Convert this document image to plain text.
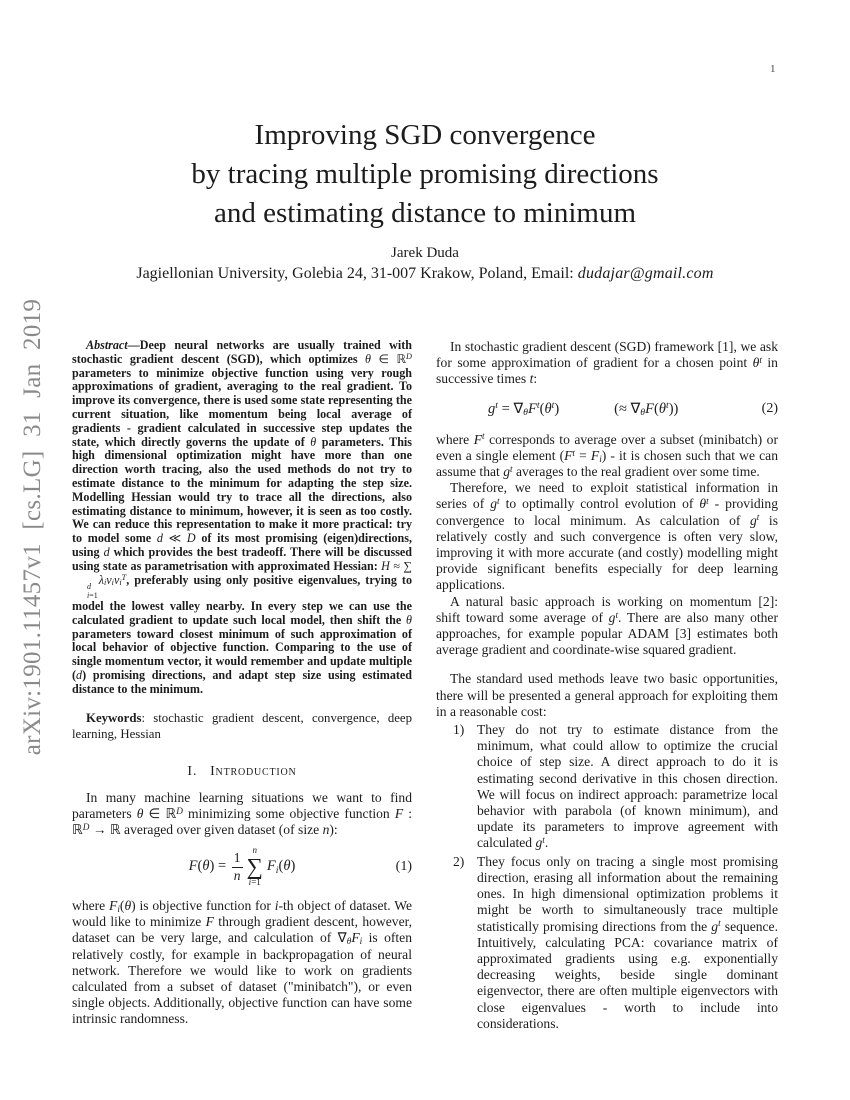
1
arXiv:1901.11457v1 [cs.LG] 31 Jan 2019
Improving SGD convergence
by tracing multiple promising directions
and estimating distance to minimum
Jarek Duda
Jagiellonian University, Golebia 24, 31-007 Krakow, Poland, Email: dudajar@gmail.com

Abstract—Deep neural networks are usually trained with stochastic gradient descent (SGD), which optimizes θ ∈ ℝ$^D$ parameters to minimize objective function using very rough approximations of gradient, averaging to the real gradient. To improve its convergence, there is used some state representing the current situation, like momentum being local average of gradients - gradient calculated in successive step updates the state, which directly governs the update of θ parameters. This high dimensional optimization might have more than one direction worth tracing, also the used methods do not try to estimate distance to the minimum for adapting the step size. Modelling Hessian would try to trace all the directions, also estimating distance to minimum, however, it is seen as too costly. We can reduce this representation to make it more practical: try to model some d ≪ D of its most promising (eigen)directions, using d which provides the best tradeoff. There will be discussed using state as parametrisation with approximated Hessian: H ≈ ∑
d
i=1
$\lambda_iv_iv_i^T$, preferably using only positive eigenvalues, trying to model the lowest valley nearby. In every step we can use the calculated gradient to update such local model, then shift the θ parameters toward closest minimum of such approximation of local behavior of objective function. Comparing to the use of single momentum vector, it would remember and update multiple (d) promising directions, and adapt step size using estimated distance to the minimum.

Keywords: stochastic gradient descent, convergence, deep learning, Hessian

I.   Introduction

In many machine learning situations we want to find parameters θ ∈ ℝ$^D$ minimizing some objective function F : ℝ$^D$ → ℝ averaged over given dataset (of size n):

$F(\theta) = \frac{1}{n}$
n
∑
i=1
$F_i(\theta)$	(1)

where $F_i(\theta)$ is objective function for i-th object of dataset. We would like to minimize F through gradient descent, however, dataset can be very large, and calculation of $\nabla_\theta F_i$ is often relatively costly, for example in backpropagation of neural network. Therefore we would like to work on gradients calculated from a subset of dataset ("minibatch"), or even single objects. Additionally, objective function can have some intrinsic randomness.

In stochastic gradient descent (SGD) framework [1], we ask for some approximation of gradient for a chosen point $\theta^t$ in successive times t:

$g^t = \nabla_\theta F^t(\theta^t)$	(≈ $\nabla_\theta F(\theta^t)$)	(2)

where $F^t$ corresponds to average over a subset (minibatch) or even a single element $(F^t = F_i)$ - it is chosen such that we can assume that $g^t$ averages to the real gradient over some time.

Therefore, we need to exploit statistical information in series of $g^t$ to optimally control evolution of $\theta^t$ - providing convergence to local minimum. As calculation of $g^t$ is relatively costly and such convergence is often very slow, improving it with more accurate (and costly) modelling might provide significant benefits especially for deep learning applications.

A natural basic approach is working on momentum [2]: shift toward some average of $g^t$. There are also many other approaches, for example popular ADAM [3] estimates both average gradient and coordinate-wise squared gradient.

The standard used methods leave two basic opportunities, there will be presented a general approach for exploiting them in a reasonable cost:

1) They do not try to estimate distance from the minimum, what could allow to optimize the crucial choice of step size. A direct approach to do it is estimating second derivative in this chosen direction. We will focus on indirect approach: parametrize local behavior with parabola (of known minimum), and update its parameters to improve agreement with calculated $g^t$.
2) They focus only on tracing a single most promising direction, erasing all information about the remaining ones. In high dimensional optimization problems it might be worth to simultaneously trace multiple statistically promising directions from the $g^t$ sequence. Intuitively, calculating PCA: covariance matrix of approximated gradients using e.g. exponentially decreasing weights, beside single dominant eigenvector, there are often multiple eigenvectors with close eigenvalues - worth to include into considerations.
